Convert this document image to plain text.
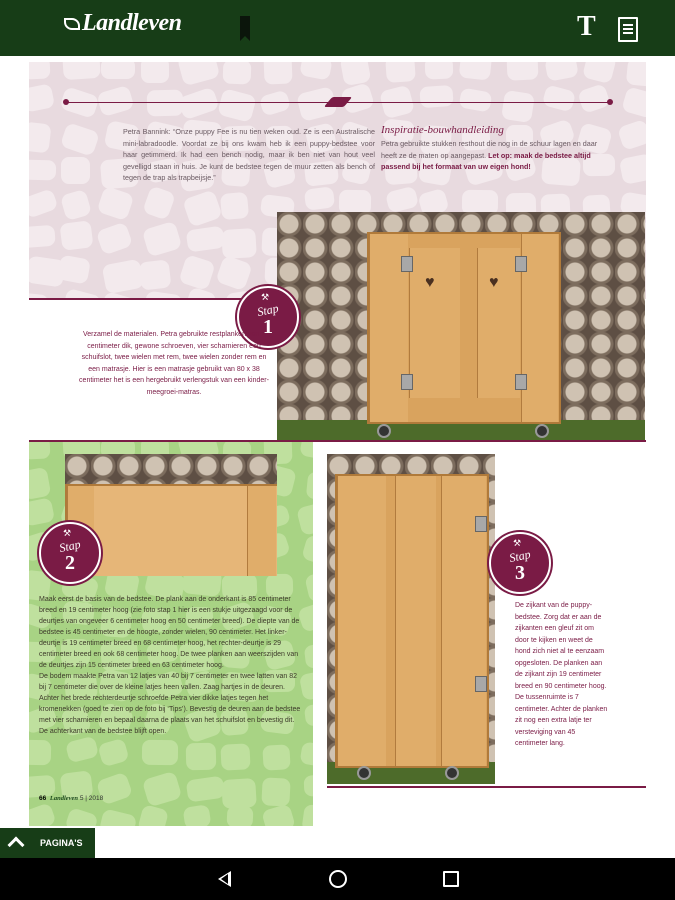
Landleven	T
Petra Bannink: “Onze puppy Fee is nu tien weken oud. Ze is een Australische mini-labradoodle. Voordat ze bij ons kwam heb ik een puppy-bedstee voor haar getimmerd. Ik had een bench nodig, maar ik ben niet van hout veel gevelligd staan in huis. Je kunt de bedstee tegen de muur zetten als bench of tegen de trap als trapbeijsje.”
Inspiratie-bouwhandleiding
Petra gebruikte stukken resthout die nog in de schuur lagen en daar heeft ze de maten op aangepast. Let op: maak de bedstee altijd passend bij het formaat van uw eigen hond!
♥	♥
⚒
Stap
1
Verzamel de materialen. Petra gebruikte restplanken van 2 centimeter dik, gewone schroeven, vier scharnieren een schuifslot, twee wielen met rem, twee wielen zonder rem en een matrasje. Hier is een matrasje gebruikt van 80 x 38 centimeter het is een hergebruikt verlengstuk van een kinder-meegroei-matras.
⚒
Stap
2
Maak eerst de basis van de bedstee. De plank aan de onderkant is 85 centimeter breed en 19 centimeter hoog (zie foto stap 1 hier is een stukje uitgezaagd voor de deurtjes van ongeveer 6 centimeter hoog en 50 centimeter breed). De diepte van de bedstee is 45 centimeter en de hoogte, zonder wielen, 90 centimeter. Het linker-deurtje is 19 centimeter breed en 68 centimeter hoog, het rechter-deurtje is 29 centimeter breed en ook 68 centimeter hoog. De twee planken aan weerszijden van de deurtjes zijn 15 centimeter breed en 63 centimeter hoog.
De bodem maakte Petra van 12 latjes van 40 bij 7 centimeter en twee latten van 82 bij 7 centimeter die over de kleine latjes heen vallen. Zaag hartjes in de deuren. Achter het brede rechterdeurtje schroefde Petra vier dikke latjes tegen het kromenekken (goed te zien op de foto bij ‘Tips’). Bevestig de deuren aan de bedstee met vier scharnieren en bepaal daarna de plaats van het schuifslot en bevestig dit. De achterkant van de bedstee blijft open.
⚒
Stap
3
De zijkant van de puppy-bedstee. Zorg dat er aan de zijkanten een gleuf zit om door te kijken en weet de hond zich niet al te eenzaam opgesloten. De planken aan de zijkant zijn 19 centimeter breed en 90 centimeter hoog. De tussenruimte is 7 centimeter. Achter de planken zit nog een extra latje ter versteviging van 45 centimeter lang.
66 Landleven 5 | 2018
PAGINA'S
